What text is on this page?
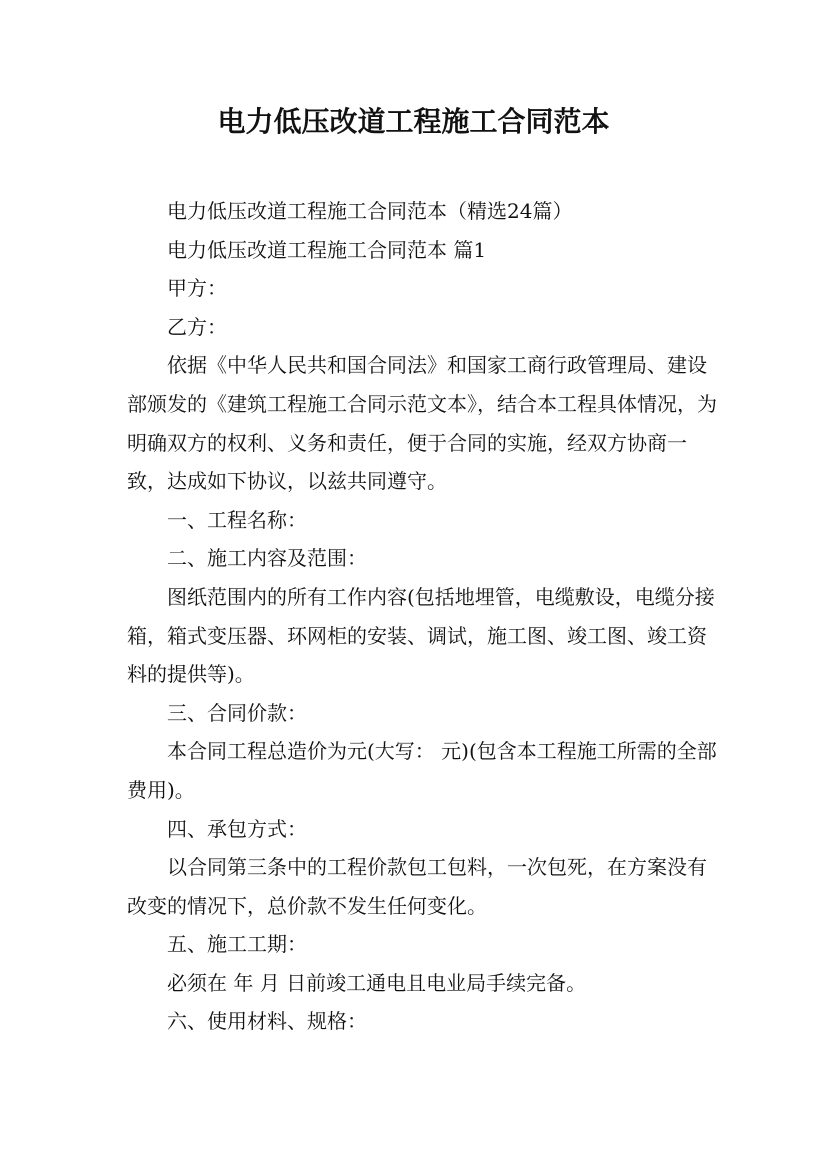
电力低压改道工程施工合同范本

电力低压改道工程施工合同范本（精选24篇）

电力低压改道工程施工合同范本 篇1

甲方：

乙方：

依据《中华人民共和国合同法》和国家工商行政管理局、建设部颁发的《建筑工程施工合同示范文本》，结合本工程具体情况，为明确双方的权利、义务和责任，便于合同的实施，经双方协商一致，达成如下协议，以兹共同遵守。

一、工程名称：

二、施工内容及范围：

图纸范围内的所有工作内容(包括地埋管，电缆敷设，电缆分接箱，箱式变压器、环网柜的安装、调试，施工图、竣工图、竣工资料的提供等)。

三、合同价款：

本合同工程总造价为元(大写： 元)(包含本工程施工所需的全部费用)。

四、承包方式：

以合同第三条中的工程价款包工包料，一次包死，在方案没有改变的情况下，总价款不发生任何变化。

五、施工工期：

必须在 年 月 日前竣工通电且电业局手续完备。

六、使用材料、规格：
